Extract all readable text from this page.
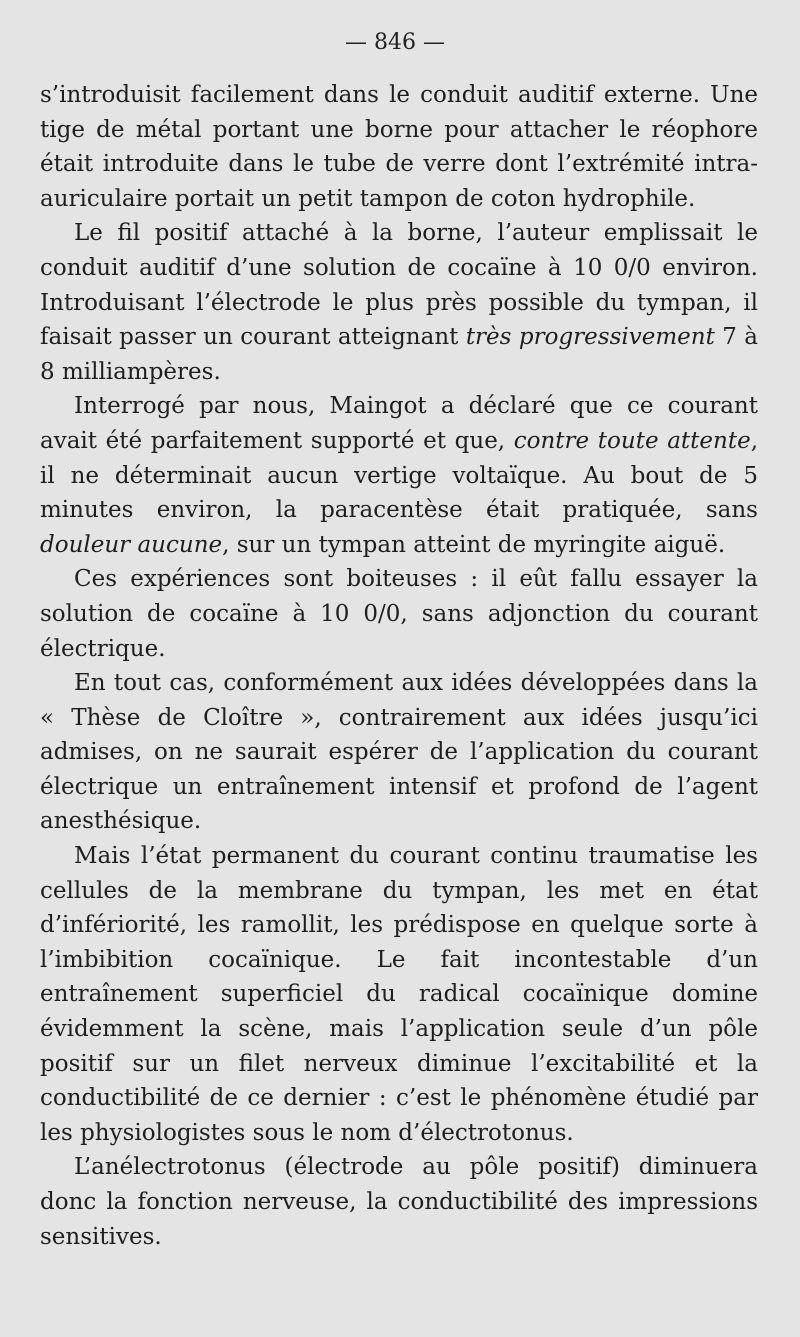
— 846 —

s’introduisit facilement dans le conduit auditif externe. Une tige de métal portant une borne pour attacher le réophore était introduite dans le tube de verre dont l’extrémité intra-auriculaire portait un petit tampon de coton hydrophile.

Le fil positif attaché à la borne, l’auteur emplissait le conduit auditif d’une solution de cocaïne à 10 0/0 environ. Introduisant l’électrode le plus près possible du tympan, il faisait passer un courant atteignant très progressivement 7 à 8 milliampères.

Interrogé par nous, Maingot a déclaré que ce courant avait été parfaitement supporté et que, contre toute attente, il ne déterminait aucun vertige voltaïque. Au bout de 5 minutes environ, la paracentèse était pratiquée, sans douleur aucune, sur un tympan atteint de myringite aiguë.

Ces expériences sont boiteuses : il eût fallu essayer la solution de cocaïne à 10 0/0, sans adjonction du courant électrique.

En tout cas, conformément aux idées développées dans la « Thèse de Cloître », contrairement aux idées jusqu’ici admises, on ne saurait espérer de l’application du courant électrique un entraînement intensif et profond de l’agent anesthésique.

Mais l’état permanent du courant continu traumatise les cellules de la membrane du tympan, les met en état d’infériorité, les ramollit, les prédispose en quelque sorte à l’imbibition cocaïnique. Le fait incontestable d’un entraînement superficiel du radical cocaïnique domine évidemment la scène, mais l’application seule d’un pôle positif sur un filet nerveux diminue l’excitabilité et la conductibilité de ce dernier : c’est le phénomène étudié par les physiologistes sous le nom d’électrotonus.

L’anélectrotonus (électrode au pôle positif) diminuera donc la fonction nerveuse, la conductibilité des impressions sensitives.
